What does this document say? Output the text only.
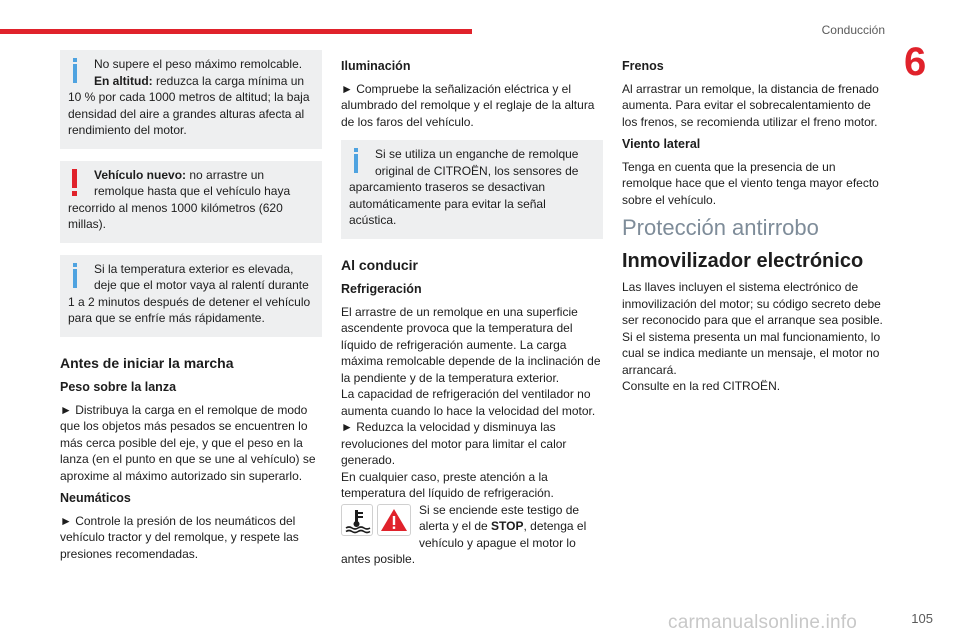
Conducción
6

No supere el peso máximo remolcable.
En altitud: reduzca la carga mínima un 10 % por cada 1000 metros de altitud; la baja densidad del aire a grandes alturas afecta al rendimiento del motor.

Vehículo nuevo: no arrastre un remolque hasta que el vehículo haya recorrido al menos 1000 kilómetros (620 millas).

Si la temperatura exterior es elevada, deje que el motor vaya al ralentí durante 1 a 2 minutos después de detener el vehículo para que se enfríe más rápidamente.

Antes de iniciar la marcha
Peso sobre la lanza

► Distribuya la carga en el remolque de modo que los objetos más pesados se encuentren lo más cerca posible del eje, y que el peso en la lanza (en el punto en que se une al vehículo) se aproxime al máximo autorizado sin superarlo.

Neumáticos

► Controle la presión de los neumáticos del vehículo tractor y del remolque, y respete las presiones recomendadas.

Iluminación

► Compruebe la señalización eléctrica y el alumbrado del remolque y el reglaje de la altura de los faros del vehículo.

Si se utiliza un enganche de remolque original de CITROËN, los sensores de aparcamiento traseros se desactivan automáticamente para evitar la señal acústica.

Al conducir
Refrigeración

El arrastre de un remolque en una superficie ascendente provoca que la temperatura del líquido de refrigeración aumente. La carga máxima remolcable depende de la inclinación de la pendiente y de la temperatura exterior.

La capacidad de refrigeración del ventilador no aumenta cuando lo hace la velocidad del motor.

► Reduzca la velocidad y disminuya las revoluciones del motor para limitar el calor generado.

En cualquier caso, preste atención a la temperatura del líquido de refrigeración.

Si se enciende este testigo de alerta y el de STOP, detenga el vehículo y apague el motor lo antes posible.

Frenos

Al arrastrar un remolque, la distancia de frenado aumenta. Para evitar el sobrecalentamiento de los frenos, se recomienda utilizar el freno motor.

Viento lateral

Tenga en cuenta que la presencia de un remolque hace que el viento tenga mayor efecto sobre el vehículo.

Protección antirrobo
Inmovilizador electrónico

Las llaves incluyen el sistema electrónico de inmovilización del motor; su código secreto debe ser reconocido para que el arranque sea posible.

Si el sistema presenta un mal funcionamiento, lo cual se indica mediante un mensaje, el motor no arrancará.

Consulte en la red CITROËN.

carmanualsonline.info	105
